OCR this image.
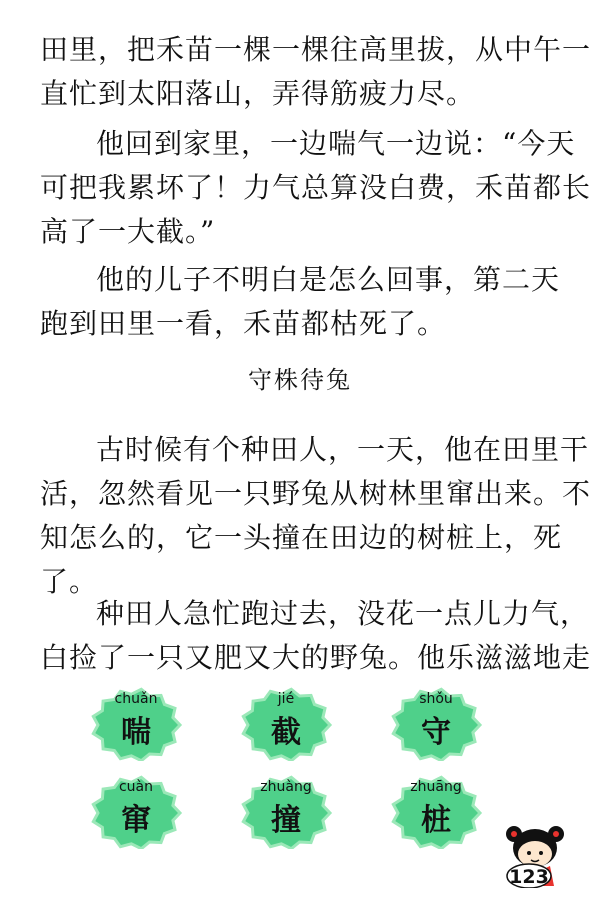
田里，把禾苗一棵一棵往高里拔，从中午一
直忙到太阳落山，弄得筋疲力尽。

他回到家里，一边喘气一边说：“今天
可把我累坏了！力气总算没白费，禾苗都长
高了一大截。”

他的儿子不明白是怎么回事，第二天
跑到田里一看，禾苗都枯死了。

守株待兔

古时候有个种田人，一天，他在田里干
活，忽然看见一只野兔从树林里窜出来。不
知怎么的，它一头撞在田边的树桩上，死
了。

种田人急忙跑过去，没花一点儿力气，
白捡了一只又肥又大的野兔。他乐滋滋地走

chuǎn
喘
jié
截
shǒu
守
cuàn
窜
zhuàng
撞
zhuāng
桩
123
